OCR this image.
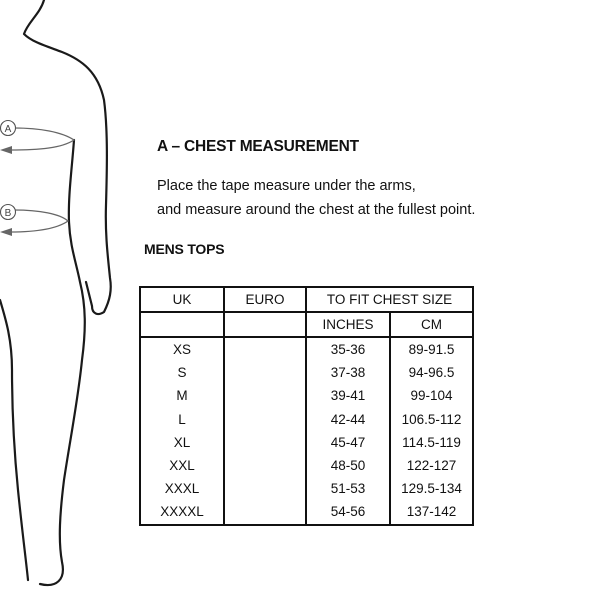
A
B
A – CHEST MEASUREMENT
Place the tape measure under the arms,
and measure around the chest at the fullest point.
MENS TOPS
UK	EURO	TO FIT CHEST SIZE	
		INCHES	CM
XS		35-36	89-91.5
S		37-38	94-96.5
M		39-41	99-104
L		42-44	106.5-112
XL		45-47	114.5-119
XXL		48-50	122-127
XXXL		51-53	129.5-134
XXXXL		54-56	137-142
